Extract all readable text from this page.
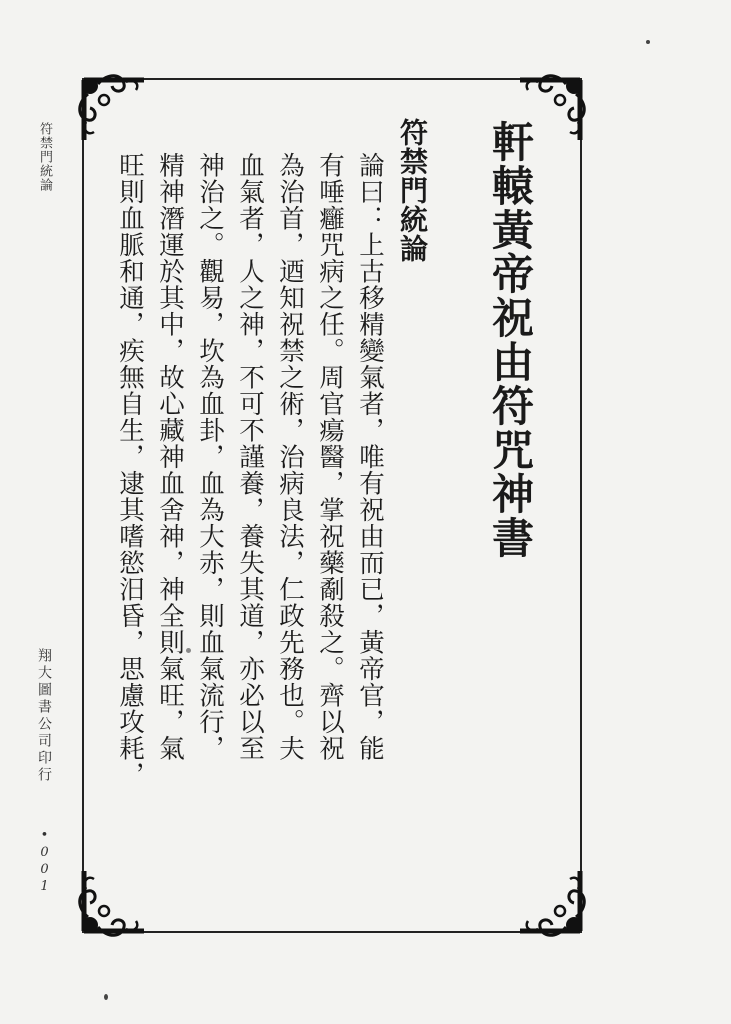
符禁門統論
翔大圖書公司印行
•001
軒轅黃帝祝由符咒神書
符禁門統論
論曰：上古移精變氣者，唯有祝由而已，黃帝官，能
有唾癰咒病之任。周官瘍醫，掌祝藥劀殺之。齊以祝
為治首，迺知祝禁之術，治病良法，仁政先務也。夫
血氣者，人之神，不可不謹養，養失其道，亦必以至
神治之。觀易，坎為血卦，血為大赤，則血氣流行，
精神潛運於其中，故心藏神血舍神，神全則氣旺，氣
旺則血脈和通，疾無自生，逮其嗜慾汨昏，思慮攻耗，
